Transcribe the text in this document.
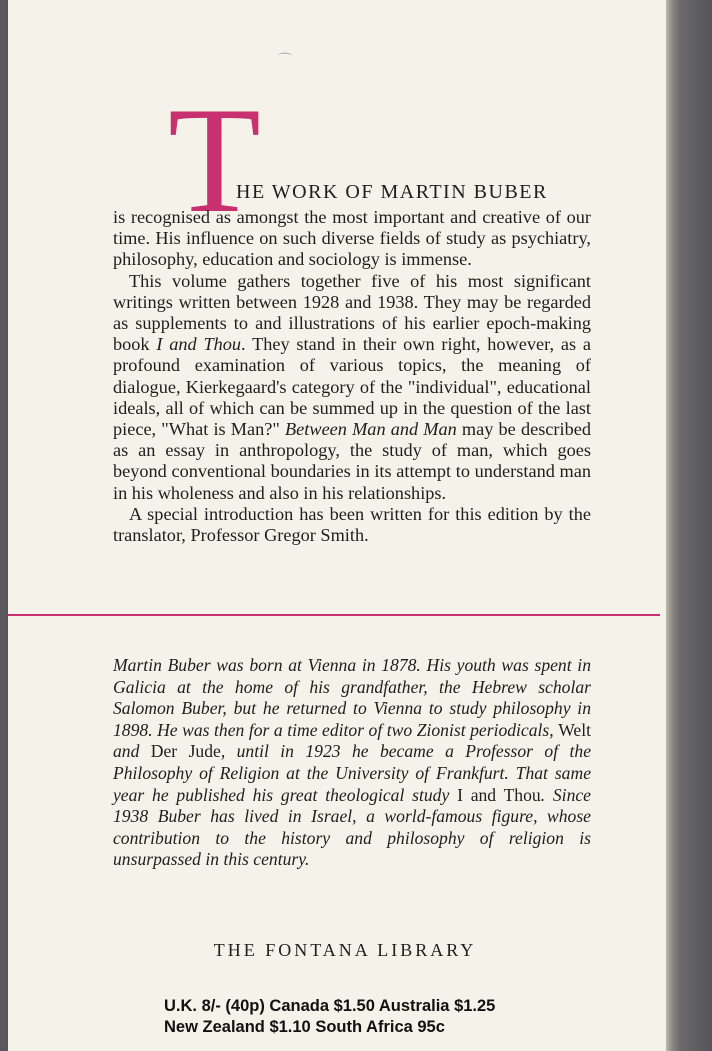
⌒
T
HE WORK OF MARTIN BUBER

is recognised as amongst the most important and creative of our time. His influence on such diverse fields of study as psychiatry, philosophy, education and sociology is immense.

This volume gathers together five of his most significant writings written between 1928 and 1938. They may be regarded as supplements to and illustrations of his earlier epoch-making book I and Thou. They stand in their own right, however, as a profound examination of various topics, the meaning of dialogue, Kierkegaard's category of the "individual", educational ideals, all of which can be summed up in the question of the last piece, "What is Man?" Between Man and Man may be described as an essay in anthropology, the study of man, which goes beyond conventional boundaries in its attempt to understand man in his wholeness and also in his relationships.

A special introduction has been written for this edition by the translator, Professor Gregor Smith.

Martin Buber was born at Vienna in 1878. His youth was spent in Galicia at the home of his grandfather, the Hebrew scholar Salomon Buber, but he returned to Vienna to study philosophy in 1898. He was then for a time editor of two Zionist periodicals, Welt and Der Jude, until in 1923 he became a Professor of the Philosophy of Religion at the University of Frankfurt. That same year he published his great theological study I and Thou. Since 1938 Buber has lived in Israel, a world-famous figure, whose contribution to the history and philosophy of religion is unsurpassed in this century.
THE FONTANA LIBRARY
U.K. 8/- (40p) Canada $1.50 Australia $1.25
New Zealand $1.10 South Africa 95c
